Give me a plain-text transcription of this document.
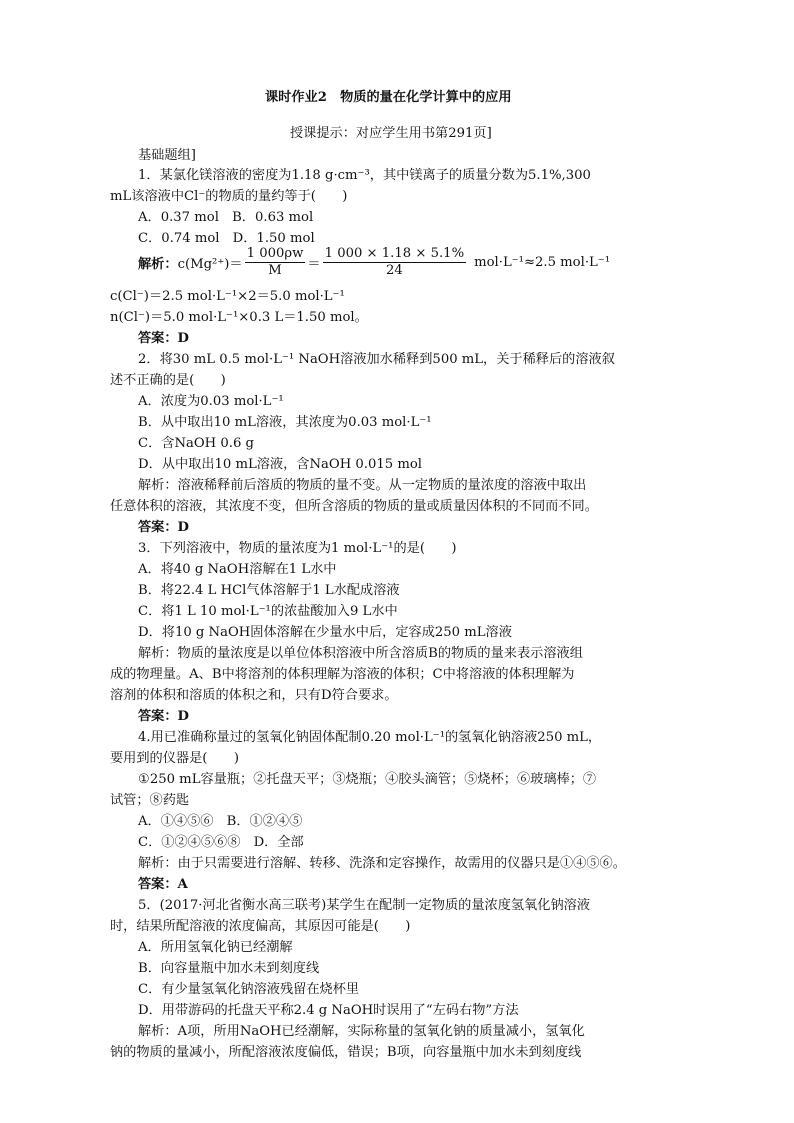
课时作业2　物质的量在化学计算中的应用
授课提示：对应学生用书第291页]
基础题组]
1．某氯化镁溶液的密度为1.18 g·cm⁻³，其中镁离子的质量分数为5.1%,300
mL该溶液中Cl⁻的物质的量约等于(　　)
A．0.37 mol　B．0.63 mol
C．0.74 mol　D．1.50 mol
解析：$c(Mg^{2+})= \frac{1 000\rho w}{M} = \frac{1 000 \times 1.18 \times 5.1\%}{24} mol\cdot L^{-1}\approx 2.5$ mol·L⁻¹
c(Cl⁻)＝2.5 mol·L⁻¹×2＝5.0 mol·L⁻¹
n(Cl⁻)＝5.0 mol·L⁻¹×0.3 L＝1.50 mol。
答案：D
2．将30 mL 0.5 mol·L⁻¹ NaOH溶液加水稀释到500 mL，关于稀释后的溶液叙
述不正确的是(　　)
A．浓度为0.03 mol·L⁻¹
B．从中取出10 mL溶液，其浓度为0.03 mol·L⁻¹
C．含NaOH 0.6 g
D．从中取出10 mL溶液，含NaOH 0.015 mol
解析：溶液稀释前后溶质的物质的量不变。从一定物质的量浓度的溶液中取出
任意体积的溶液，其浓度不变，但所含溶质的物质的量或质量因体积的不同而不同。
答案：D
3．下列溶液中，物质的量浓度为1 mol·L⁻¹的是(　　)
A．将40 g NaOH溶解在1 L水中
B．将22.4 L HCl气体溶解于1 L水配成溶液
C．将1 L 10 mol·L⁻¹的浓盐酸加入9 L水中
D．将10 g NaOH固体溶解在少量水中后，定容成250 mL溶液
解析：物质的量浓度是以单位体积溶液中所含溶质B的物质的量来表示溶液组
成的物理量。A、B中将溶剂的体积理解为溶液的体积；C中将溶液的体积理解为
溶剂的体积和溶质的体积之和，只有D符合要求。
答案：D
4.用已准确称量过的氢氧化钠固体配制0.20 mol·L⁻¹的氢氧化钠溶液250 mL，
要用到的仪器是(　　)
①250 mL容量瓶；②托盘天平；③烧瓶；④胶头滴管；⑤烧杯；⑥玻璃棒；⑦
试管；⑧药匙
A．①④⑤⑥　B．①②④⑤
C．①②④⑤⑥⑧　D．全部
解析：由于只需要进行溶解、转移、洗涤和定容操作，故需用的仪器只是①④⑤⑥。
答案：A
5．(2017·河北省衡水高三联考)某学生在配制一定物质的量浓度氢氧化钠溶液
时，结果所配溶液的浓度偏高，其原因可能是(　　)
A．所用氢氧化钠已经潮解
B．向容量瓶中加水未到刻度线
C．有少量氢氧化钠溶液残留在烧杯里
D．用带游码的托盘天平称2.4 g NaOH时误用了“左码右物”方法
解析：A项，所用NaOH已经潮解，实际称量的氢氧化钠的质量减小，氢氧化
钠的物质的量减小，所配溶液浓度偏低，错误；B项，向容量瓶中加水未到刻度线
